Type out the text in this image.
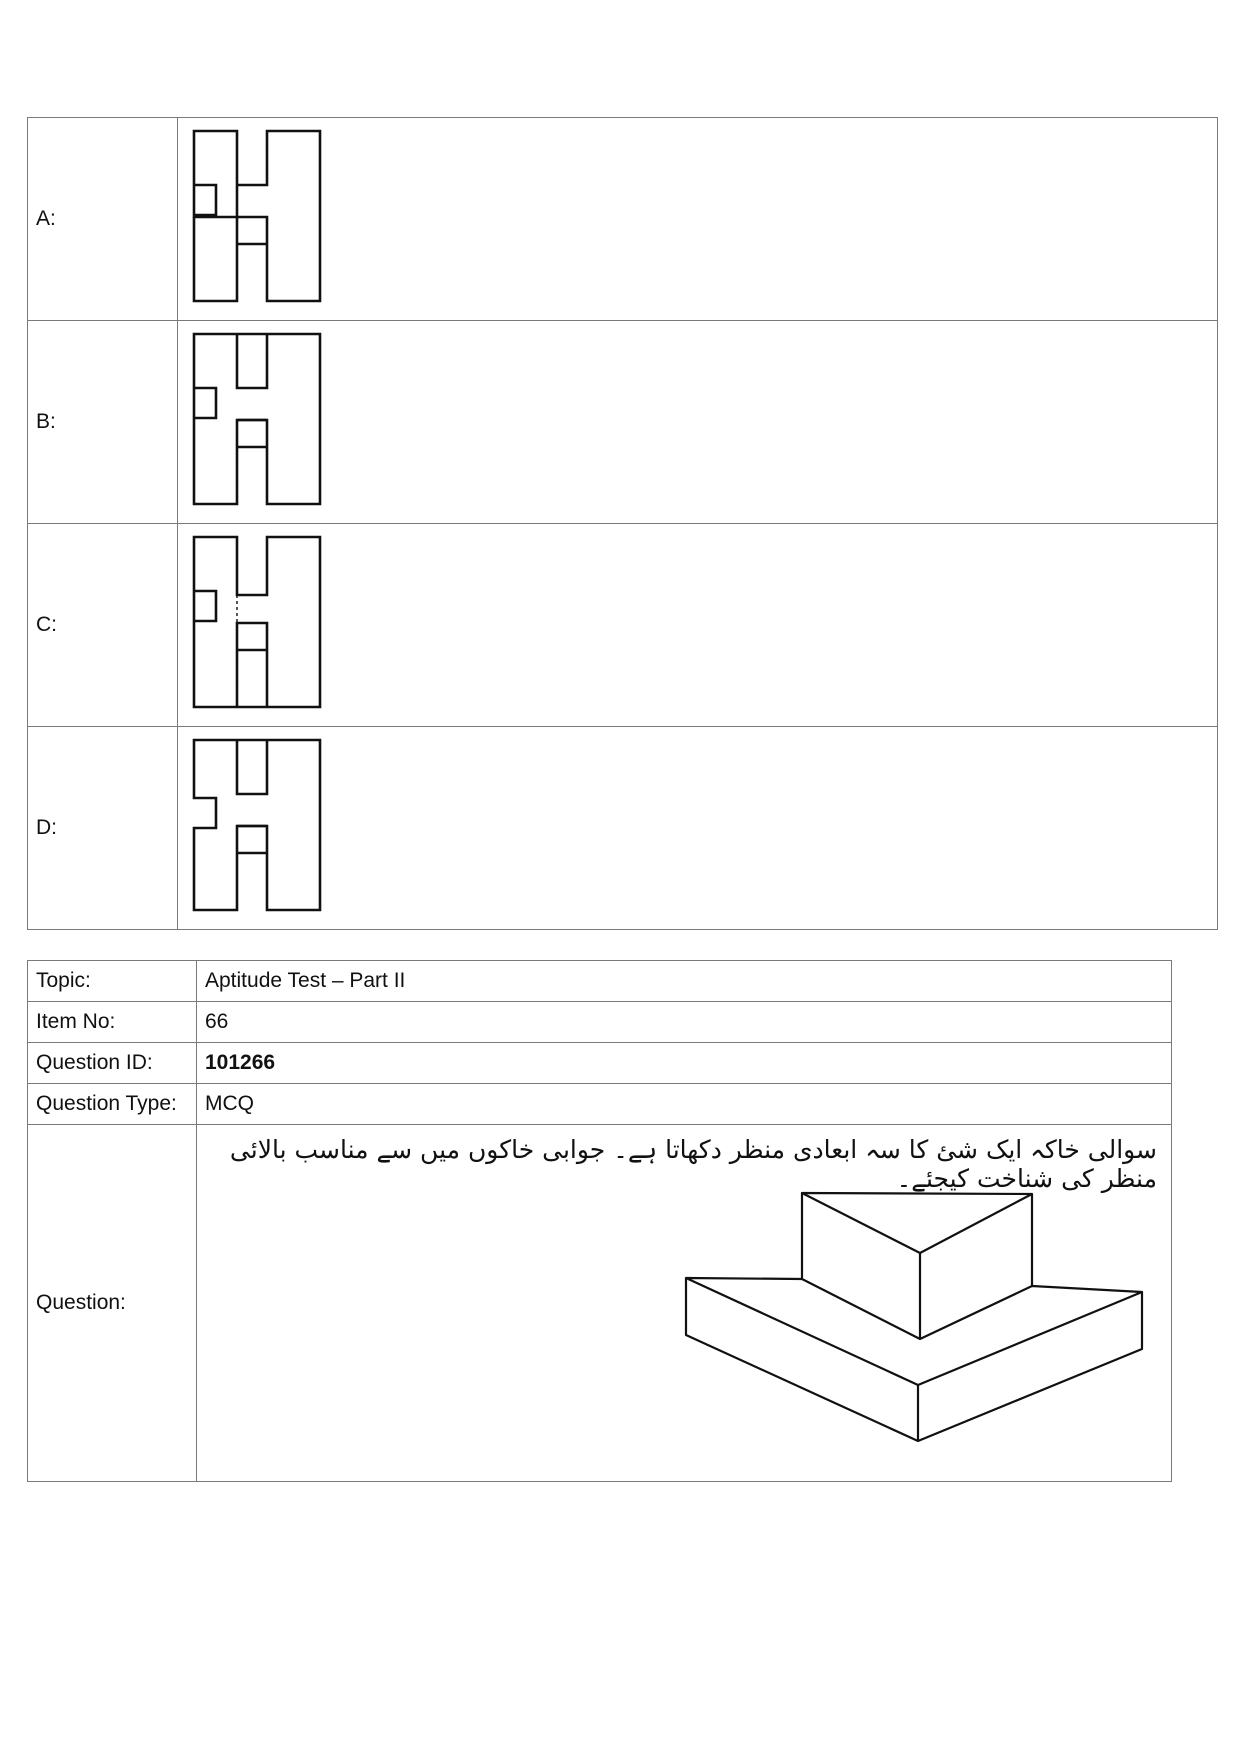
A:	

B:	

C:	

D:	
Topic:	Aptitude Test – Part II
Item No:	66
Question ID:	101266
Question Type:	MCQ
Question:	سوالی خاکہ ایک شئ کا سہ ابعادی منظر دکھاتا ہے۔ جوابی خاکوں میں سے مناسب بالائی منظر کی شناخت کیجئے۔
